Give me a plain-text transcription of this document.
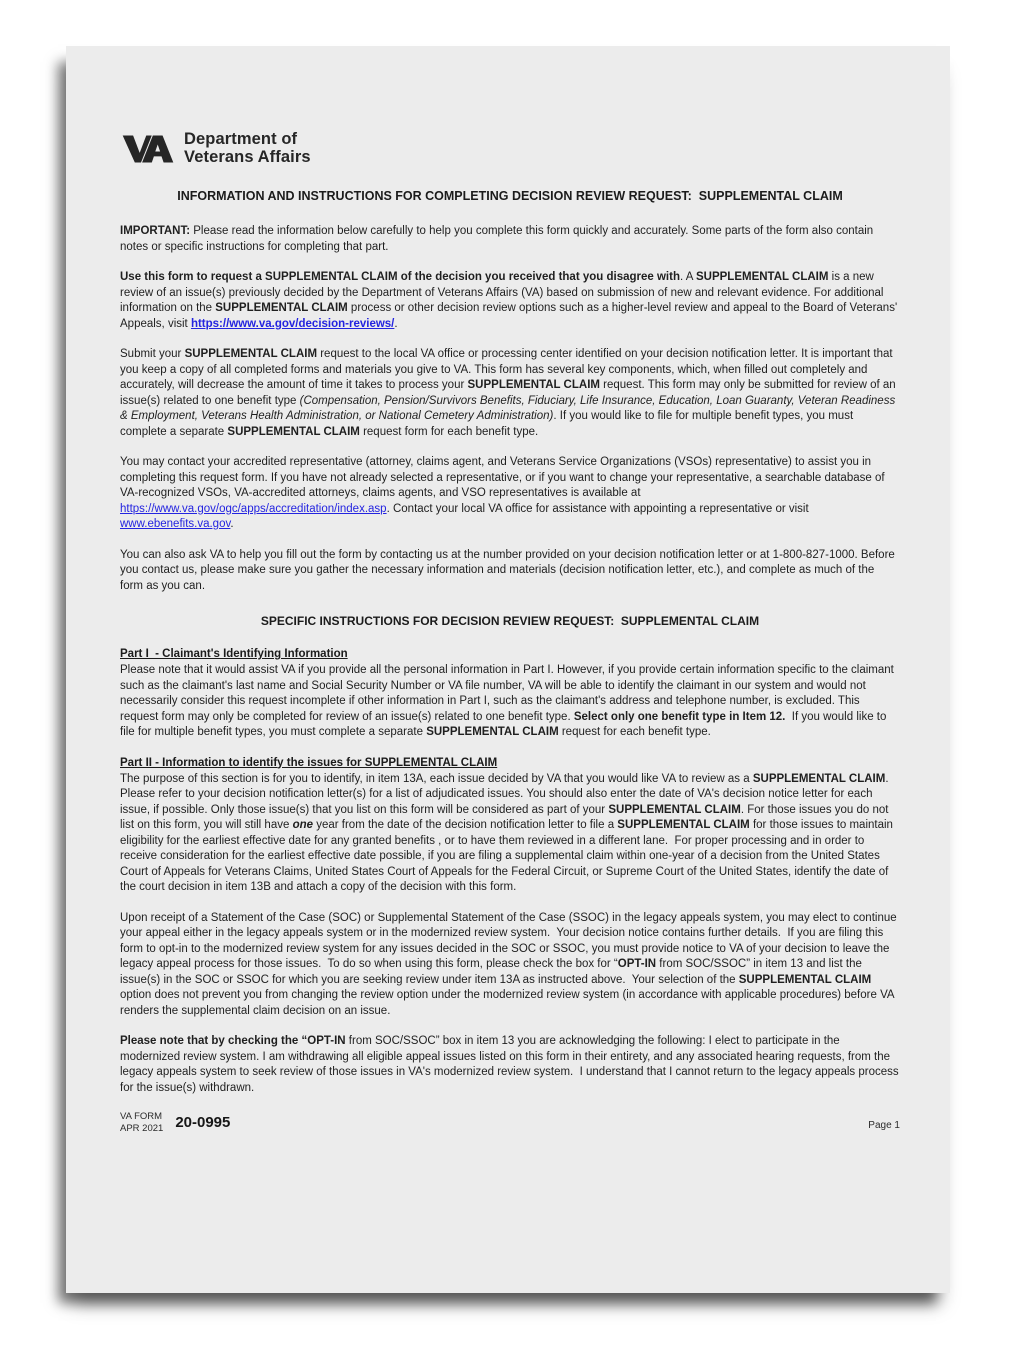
Department of
Veterans Affairs
INFORMATION AND INSTRUCTIONS FOR COMPLETING DECISION REVIEW REQUEST:  SUPPLEMENTAL CLAIM

IMPORTANT: Please read the information below carefully to help you complete this form quickly and accurately. Some parts of the form also contain notes or specific instructions for completing that part.

Use this form to request a SUPPLEMENTAL CLAIM of the decision you received that you disagree with. A SUPPLEMENTAL CLAIM is a new review of an issue(s) previously decided by the Department of Veterans Affairs (VA) based on submission of new and relevant evidence. For additional information on the SUPPLEMENTAL CLAIM process or other decision review options such as a higher-level review and appeal to the Board of Veterans' Appeals, visit https://www.va.gov/decision-reviews/.

Submit your SUPPLEMENTAL CLAIM request to the local VA office or processing center identified on your decision notification letter. It is important that you keep a copy of all completed forms and materials you give to VA. This form has several key components, which, when filled out completely and accurately, will decrease the amount of time it takes to process your SUPPLEMENTAL CLAIM request. This form may only be submitted for review of an issue(s) related to one benefit type (Compensation, Pension/Survivors Benefits, Fiduciary, Life Insurance, Education, Loan Guaranty, Veteran Readiness & Employment, Veterans Health Administration, or National Cemetery Administration). If you would like to file for multiple benefit types, you must complete a separate SUPPLEMENTAL CLAIM request form for each benefit type.

You may contact your accredited representative (attorney, claims agent, and Veterans Service Organizations (VSOs) representative) to assist you in completing this request form. If you have not already selected a representative, or if you want to change your representative, a searchable database of VA-recognized VSOs, VA-accredited attorneys, claims agents, and VSO representatives is available at https://www.va.gov/ogc/apps/accreditation/index.asp. Contact your local VA office for assistance with appointing a representative or visit www.ebenefits.va.gov.

You can also ask VA to help you fill out the form by contacting us at the number provided on your decision notification letter or at 1-800-827-1000. Before you contact us, please make sure you gather the necessary information and materials (decision notification letter, etc.), and complete as much of the form as you can.

SPECIFIC INSTRUCTIONS FOR DECISION REVIEW REQUEST:  SUPPLEMENTAL CLAIM
Part I  - Claimant's Identifying Information

Please note that it would assist VA if you provide all the personal information in Part I. However, if you provide certain information specific to the claimant such as the claimant's last name and Social Security Number or VA file number, VA will be able to identify the claimant in our system and would not necessarily consider this request incomplete if other information in Part I, such as the claimant's address and telephone number, is excluded. This request form may only be completed for review of an issue(s) related to one benefit type. Select only one benefit type in Item 12.  If you would like to file for multiple benefit types, you must complete a separate SUPPLEMENTAL CLAIM request for each benefit type.

Part II - Information to identify the issues for SUPPLEMENTAL CLAIM

The purpose of this section is for you to identify, in item 13A, each issue decided by VA that you would like VA to review as a SUPPLEMENTAL CLAIM. Please refer to your decision notification letter(s) for a list of adjudicated issues. You should also enter the date of VA's decision notice letter for each issue, if possible. Only those issue(s) that you list on this form will be considered as part of your SUPPLEMENTAL CLAIM. For those issues you do not list on this form, you will still have one year from the date of the decision notification letter to file a SUPPLEMENTAL CLAIM for those issues to maintain eligibility for the earliest effective date for any granted benefits , or to have them reviewed in a different lane.  For proper processing and in order to receive consideration for the earliest effective date possible, if you are filing a supplemental claim within one-year of a decision from the United States Court of Appeals for Veterans Claims, United States Court of Appeals for the Federal Circuit, or Supreme Court of the United States, identify the date of the court decision in item 13B and attach a copy of the decision with this form.

Upon receipt of a Statement of the Case (SOC) or Supplemental Statement of the Case (SSOC) in the legacy appeals system, you may elect to continue your appeal either in the legacy appeals system or in the modernized review system.  Your decision notice contains further details.  If you are filing this form to opt-in to the modernized review system for any issues decided in the SOC or SSOC, you must provide notice to VA of your decision to leave the legacy appeal process for those issues.  To do so when using this form, please check the box for “OPT-IN from SOC/SSOC” in item 13 and list the issue(s) in the SOC or SSOC for which you are seeking review under item 13A as instructed above.  Your selection of the SUPPLEMENTAL CLAIM option does not prevent you from changing the review option under the modernized review system (in accordance with applicable procedures) before VA renders the supplemental claim decision on an issue.

Please note that by checking the “OPT-IN from SOC/SSOC” box in item 13 you are acknowledging the following: I elect to participate in the modernized review system. I am withdrawing all eligible appeal issues listed on this form in their entirety, and any associated hearing requests, from the legacy appeals system to seek review of those issues in VA's modernized review system.  I understand that I cannot return to the legacy appeals process for the issue(s) withdrawn.

VA FORM
APR 2021 20-0995	Page 1
